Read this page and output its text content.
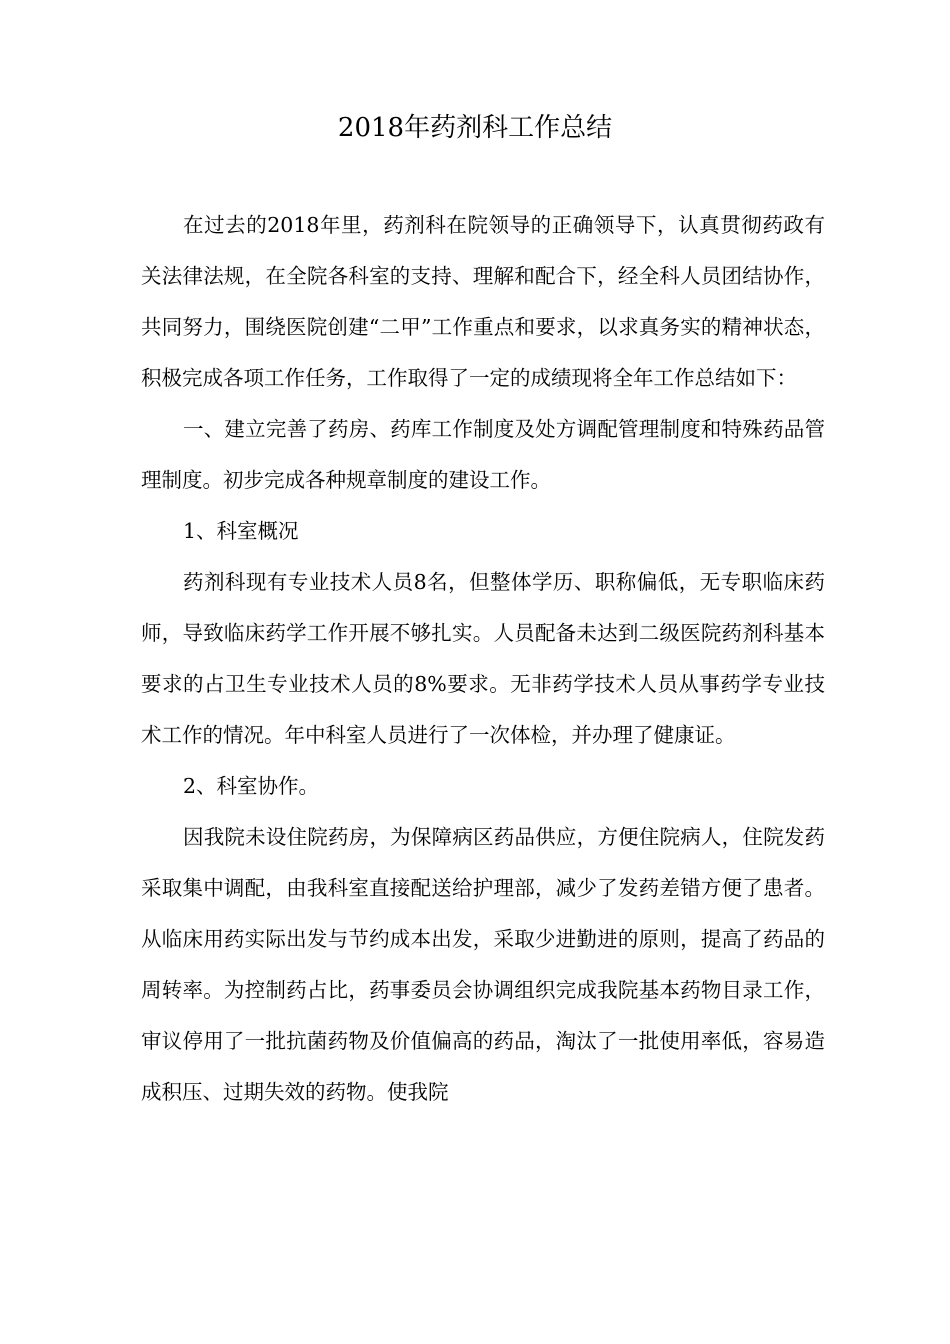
2018年药剂科工作总结

在过去的2018年里，药剂科在院领导的正确领导下，认真贯彻药政有关法律法规，在全院各科室的支持、理解和配合下，经全科人员团结协作，共同努力，围绕医院创建“二甲”工作重点和要求，以求真务实的精神状态，积极完成各项工作任务，工作取得了一定的成绩现将全年工作总结如下：

一、建立完善了药房、药库工作制度及处方调配管理制度和特殊药品管理制度。初步完成各种规章制度的建设工作。

1、科室概况

药剂科现有专业技术人员8名，但整体学历、职称偏低，无专职临床药师，导致临床药学工作开展不够扎实。人员配备未达到二级医院药剂科基本要求的占卫生专业技术人员的8%要求。无非药学技术人员从事药学专业技术工作的情况。年中科室人员进行了一次体检，并办理了健康证。

2、科室协作。

因我院未设住院药房，为保障病区药品供应，方便住院病人，住院发药采取集中调配，由我科室直接配送给护理部，减少了发药差错方便了患者。从临床用药实际出发与节约成本出发，采取少进勤进的原则，提高了药品的周转率。为控制药占比，药事委员会协调组织完成我院基本药物目录工作，审议停用了一批抗菌药物及价值偏高的药品，淘汰了一批使用率低，容易造成积压、过期失效的药物。使我院
